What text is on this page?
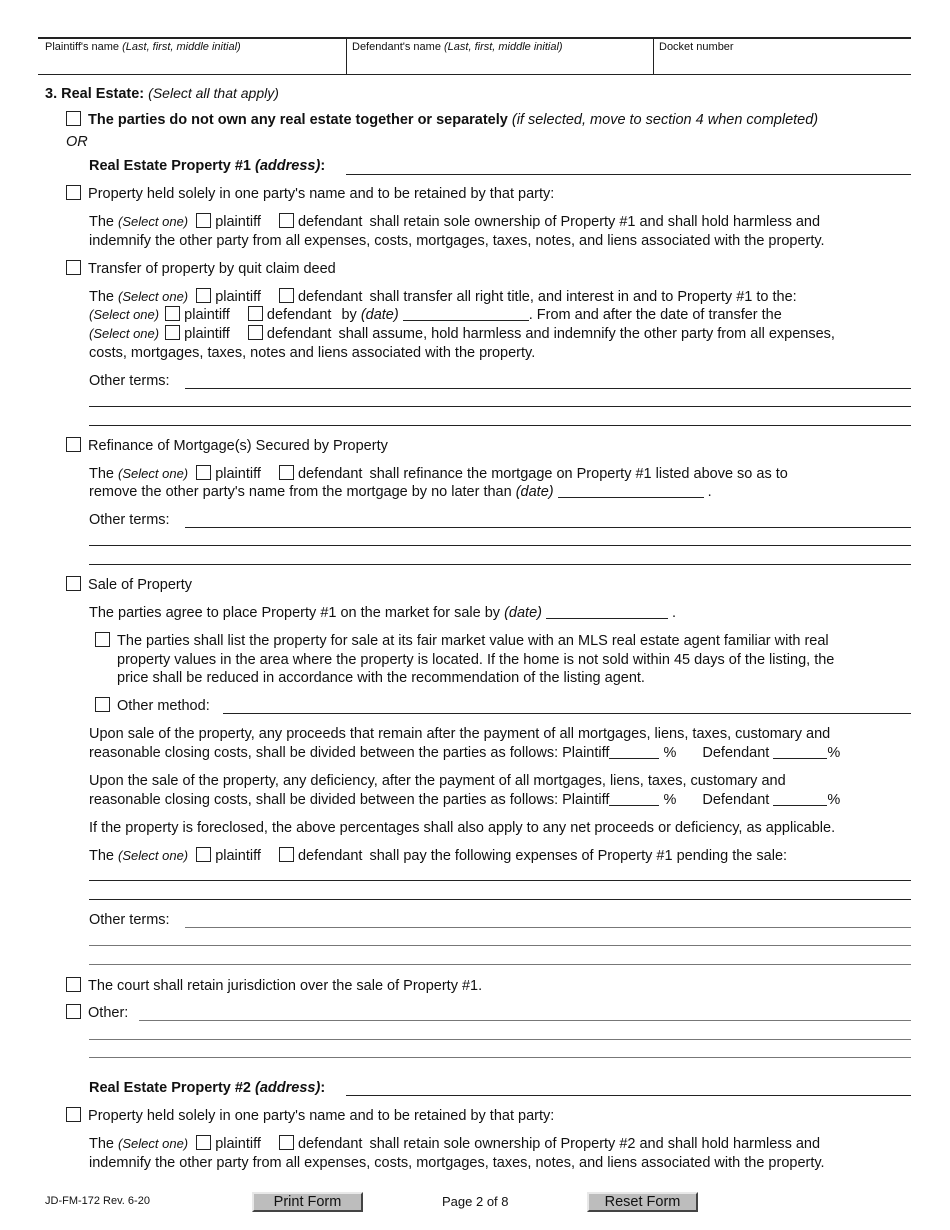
Plaintiff's name (Last, first, middle initial)	Defendant's name (Last, first, middle initial)	Docket number
3. Real Estate: (Select all that apply)
The parties do not own any real estate together or separately (if selected, move to section 4 when completed)
OR
Real Estate Property #1 (address):
Property held solely in one party's name and to be retained by that party:
The (Select one) plaintiff	defendant shall retain sole ownership of Property #1 and shall hold harmless and
indemnify the other party from all expenses, costs, mortgages, taxes, notes, and liens associated with the property.
Transfer of property by quit claim deed
The (Select one) plaintiff	defendant shall transfer all right title, and interest in and to Property #1 to the:
(Select one) plaintiff	defendant by (date)	. From and after the date of transfer the
(Select one) plaintiff	defendant shall assume, hold harmless and indemnify the other party from all expenses,
costs, mortgages, taxes, notes and liens associated with the property.
Other terms:
Refinance of Mortgage(s) Secured by Property
The (Select one) plaintiff	defendant shall refinance the mortgage on Property #1 listed above so as to
remove the other party's name from the mortgage by no later than (date)	.
Other terms:
Sale of Property
The parties agree to place Property #1 on the market for sale by (date)	.
The parties shall list the property for sale at its fair market value with an MLS real estate agent familiar with real
property values in the area where the property is located. If the home is not sold within 45 days of the listing, the
price shall be reduced in accordance with the recommendation of the listing agent.
Other method:
Upon sale of the property, any proceeds that remain after the payment of all mortgages, liens, taxes, customary and
reasonable closing costs, shall be divided between the parties as follows: Plaintiff	% Defendant	%
Upon the sale of the property, any deficiency, after the payment of all mortgages, liens, taxes, customary and
reasonable closing costs, shall be divided between the parties as follows: Plaintiff	% Defendant	%
If the property is foreclosed, the above percentages shall also apply to any net proceeds or deficiency, as applicable.
The (Select one) plaintiff	defendant shall pay the following expenses of Property #1 pending the sale:
Other terms:
The court shall retain jurisdiction over the sale of Property #1.
Other:
Real Estate Property #2 (address):
Property held solely in one party's name and to be retained by that party:
The (Select one) plaintiff	defendant shall retain sole ownership of Property #2 and shall hold harmless and
indemnify the other party from all expenses, costs, mortgages, taxes, notes, and liens associated with the property.
JD-FM-172 Rev. 6-20	Print Form	Page 2 of 8	Reset Form
